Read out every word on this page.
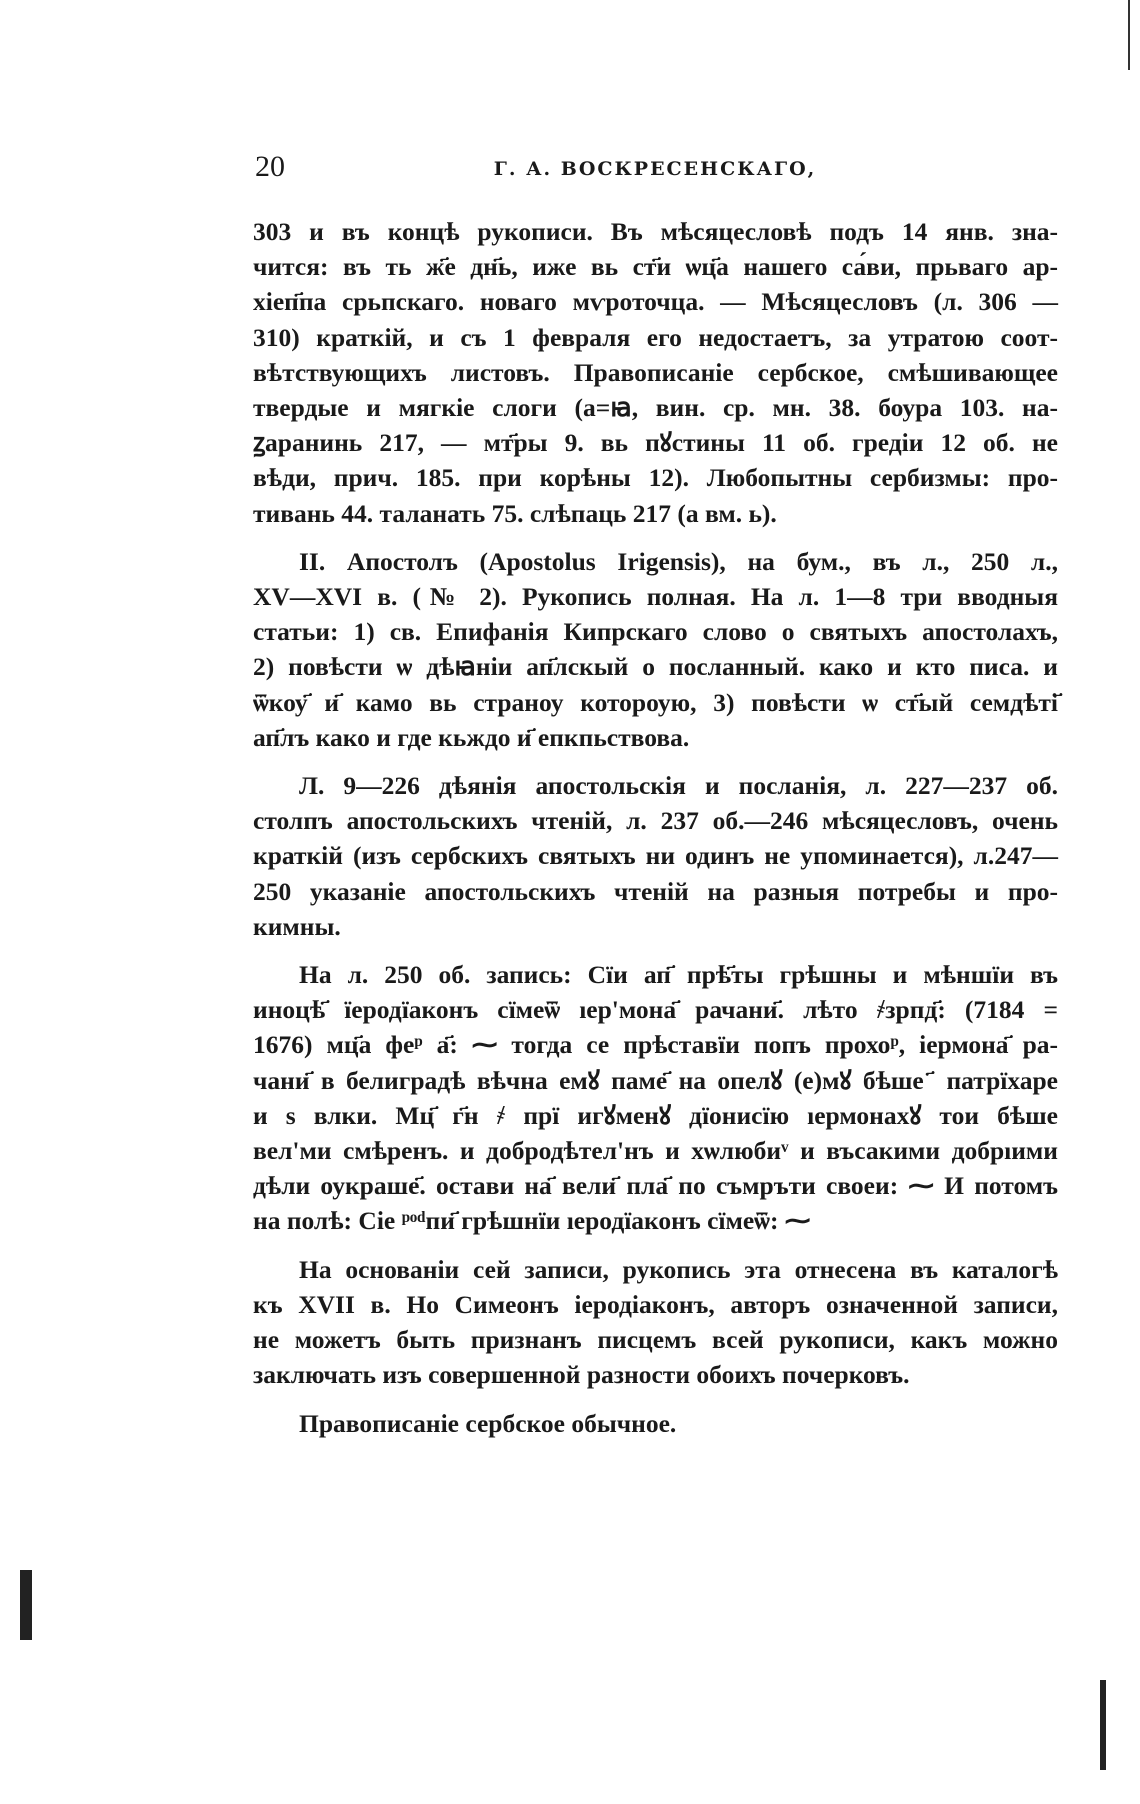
20	Г. А. ВОСКРЕСЕНСКАГО,

303 и въ концѣ рукописи. Въ мѣсяцесловѣ подъ 14 янв. зна-
чится: въ ть ж҃е дн҃ь, иже вь ст҃и ѡц҃а нашего са́ви, прьваго ар-
хіеп҃па срьпскаго. новаго мѵроточца. — Мѣсяцесловъ (л. 306 —
310) краткій, и съ 1 февраля его недостаетъ, за утратою соот-
вѣтствующихъ листовъ. Правописаніе сербское, смѣшивающее
твердые и мягкіе слоги (а=ꙗ, вин. ср. мн. 38. боура 103. на-
ꙁаранинь 217, — мт҃ры 9. вь пꙋстины 11 об. гредіи 12 об. не
вѣди, прич. 185. при корѣны 12). Любопытны сербизмы: про-
тивань 44. таланать 75. слѣпаць 217 (а вм. ь).

II. Апостолъ (Apostolus Irigensis), на бум., въ л., 250 л.,
XV—XVI в. (№ 2). Рукопись полная. На л. 1—8 три вводныя
статьи: 1) св. Епифанія Кипрскаго слово о святыхъ апостолахъ,
2) повѣсти ѡ дѣꙗніи ап҃лскый о посланный. како и кто писа. и
ѿкоу҃ и҃ камо вь страноу котороую, 3) повѣсти ѡ ст҃ый семдѣті҃
ап҃лъ како и где кьждо и҃ епкпьствова.

Л. 9—226 дѣянія апостольскія и посланія, л. 227—237 об.
столпъ апостольскихъ чтеній, л. 237 об.—246 мѣсяцесловъ, очень
краткій (изъ сербскихъ святыхъ ни одинъ не упоминается), л.247—
250 указаніе апостольскихъ чтеній на разныя потребы и про-
кимны.

На л. 250 об. запись: Сїи ап҃ прѣ҃ты грѣшны и мѣншїи въ
иноцѣ҃ їеродїаконъ сїмеѿ ıер'мона҃ рачани҃. лѣто ҂зрпд҃: (7184 =
1676) мц҃а феᵖ а҃: ⁓ тогда се прѣставїи попъ прохоᵖ, іермона҃ ра-
чани҃ в белиградѣ вѣчна емꙋ паме҃ на опелꙋ (е)мꙋ бѣше ҃ патрїхаре
и ѕ влки. Мц҃ г҃н ҂ прї игꙋменꙋ дїонисїю ıермонахꙋ тои бѣше
вел'ми смѣренъ. и добродѣтел'нъ и хѡлюбиᵛ и въсакими добрıими
дѣли оукраше҃. остави на҃ вели҃ пла҃ по съмръти своеи: ⁓ И потомъ
на полѣ: Сіе ᵖᵒᵈпи҃ грѣшнїи ıеродїаконъ сїмеѿ: ⁓

На основаніи сей записи, рукопись эта отнесена въ каталогѣ
къ XVII в. Но Симеонъ іеродіаконъ, авторъ означенной записи,
не можетъ быть признанъ писцемъ всей рукописи, какъ можно
заключать изъ совершенной разности обоихъ почерковъ.

Правописаніе сербское обычное.
